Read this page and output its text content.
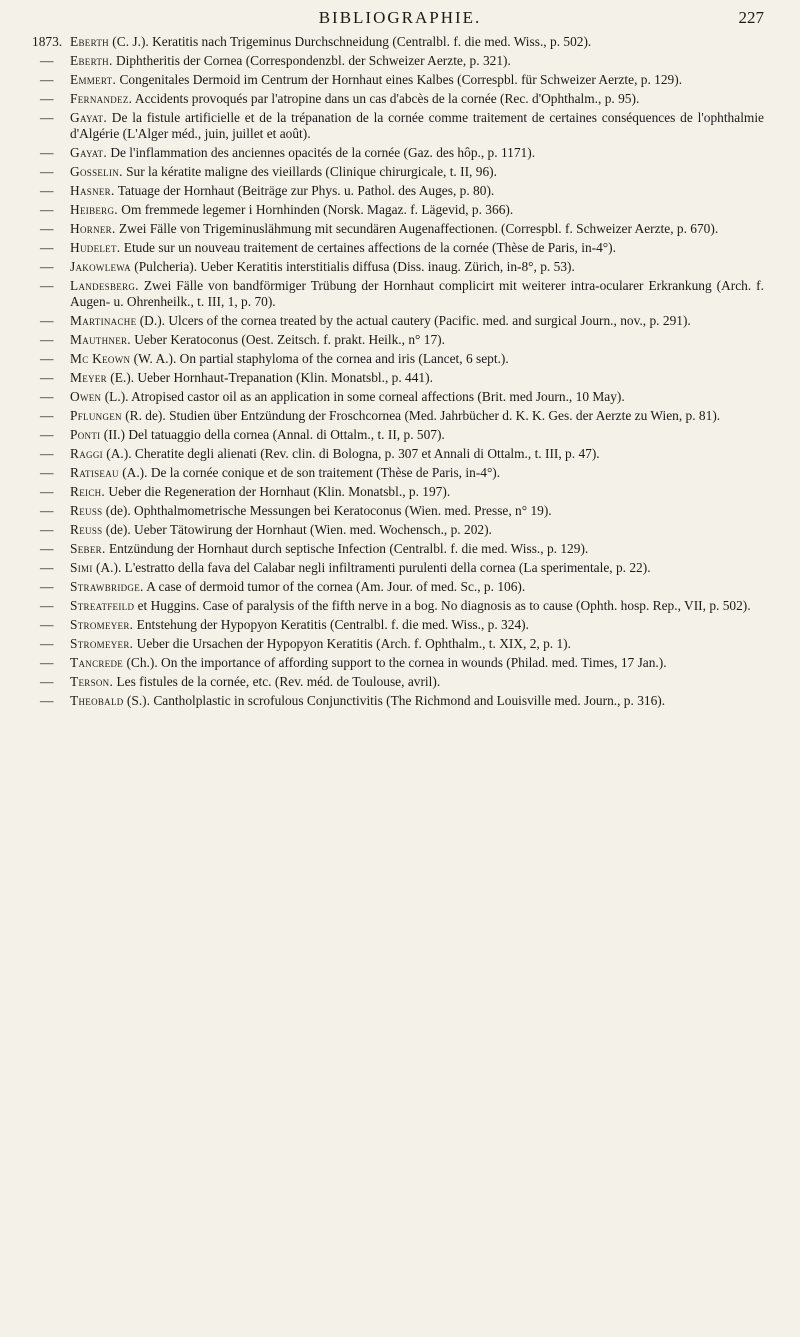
BIBLIOGRAPHIE.	227
1873. Eberth (C. J.). Keratitis nach Trigeminus Durchschneidung (Centralbl. f. die med. Wiss., p. 502).
— Eberth. Diphtheritis der Cornea (Correspondenzbl. der Schweizer Aerzte, p. 321).
— Emmert. Congenitales Dermoid im Centrum der Hornhaut eines Kalbes (Correspbl. für Schweizer Aerzte, p. 129).
— Fernandez. Accidents provoqués par l'atropine dans un cas d'abcès de la cornée (Rec. d'Ophthalm., p. 95).
— Gayat. De la fistule artificielle et de la trépanation de la cornée comme traitement de certaines conséquences de l'ophthalmie d'Algérie (L'Alger méd., juin, juillet et août).
— Gayat. De l'inflammation des anciennes opacités de la cornée (Gaz. des hôp., p. 1171).
— Gosselin. Sur la kératite maligne des vieillards (Clinique chirurgicale, t. II, 96).
— Hasner. Tatuage der Hornhaut (Beiträge zur Phys. u. Pathol. des Auges, p. 80).
— Heiberg. Om fremmede legemer i Hornhinden (Norsk. Magaz. f. Lägevid, p. 366).
— Horner. Zwei Fälle von Trigeminuslähmung mit secundären Augenaffectionen. (Correspbl. f. Schweizer Aerzte, p. 670).
— Hudelet. Etude sur un nouveau traitement de certaines affections de la cornée (Thèse de Paris, in-4°).
— Jakowlewa (Pulcheria). Ueber Keratitis interstitialis diffusa (Diss. inaug. Zürich, in-8°, p. 53).
— Landesberg. Zwei Fälle von bandförmiger Trübung der Hornhaut complicirt mit weiterer intra-ocularer Erkrankung (Arch. f. Augen- u. Ohrenheilk., t. III, 1, p. 70).
— Martinache (D.). Ulcers of the cornea treated by the actual cautery (Pacific. med. and surgical Journ., nov., p. 291).
— Mauthner. Ueber Keratoconus (Oest. Zeitsch. f. prakt. Heilk., n° 17).
— Mc Keown (W. A.). On partial staphyloma of the cornea and iris (Lancet, 6 sept.).
— Meyer (E.). Ueber Hornhaut-Trepanation (Klin. Monatsbl., p. 441).
— Owen (L.). Atropised castor oil as an application in some corneal affections (Brit. med Journ., 10 May).
— Pflungen (R. de). Studien über Entzündung der Froschcornea (Med. Jahrbücher d. K. K. Ges. der Aerzte zu Wien, p. 81).
— Ponti (II.) Del tatuaggio della cornea (Annal. di Ottalm., t. II, p. 507).
— Raggi (A.). Cheratite degli alienati (Rev. clin. di Bologna, p. 307 et Annali di Ottalm., t. III, p. 47).
— Ratiseau (A.). De la cornée conique et de son traitement (Thèse de Paris, in-4°).
— Reich. Ueber die Regeneration der Hornhaut (Klin. Monatsbl., p. 197).
— Reuss (de). Ophthalmometrische Messungen bei Keratoconus (Wien. med. Presse, n° 19).
— Reuss (de). Ueber Tätowirung der Hornhaut (Wien. med. Wochensch., p. 202).
— Seber. Entzündung der Hornhaut durch septische Infection (Centralbl. f. die med. Wiss., p. 129).
— Simi (A.). L'estratto della fava del Calabar negli infiltramenti purulenti della cornea (La sperimentale, p. 22).
— Strawbridge. A case of dermoid tumor of the cornea (Am. Jour. of med. Sc., p. 106).
— Streatfeild et Huggins. Case of paralysis of the fifth nerve in a bog. No diagnosis as to cause (Ophth. hosp. Rep., VII, p. 502).
— Stromeyer. Entstehung der Hypopyon Keratitis (Centralbl. f. die med. Wiss., p. 324).
— Stromeyer. Ueber die Ursachen der Hypopyon Keratitis (Arch. f. Ophthalm., t. XIX, 2, p. 1).
— Tancrede (Ch.). On the importance of affording support to the cornea in wounds (Philad. med. Times, 17 Jan.).
— Terson. Les fistules de la cornée, etc. (Rev. méd. de Toulouse, avril).
— Theobald (S.). Cantholplastic in scrofulous Conjunctivitis (The Richmond and Louisville med. Journ., p. 316).
